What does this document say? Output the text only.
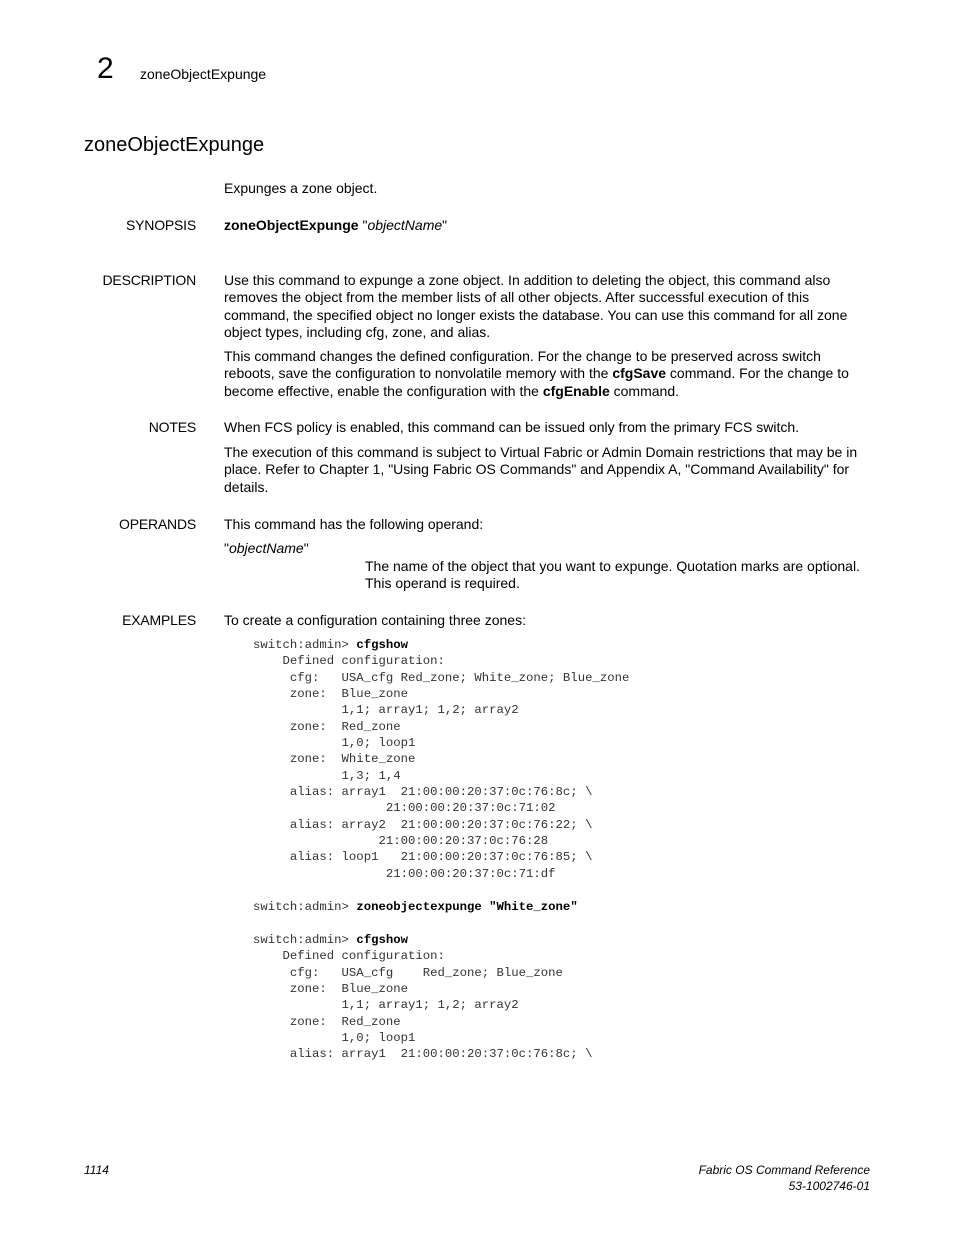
2 zoneObjectExpunge
zoneObjectExpunge
Expunges a zone object.
SYNOPSIS zoneObjectExpunge "objectName"
DESCRIPTION Use this command to expunge a zone object. In addition to deleting the object, this command also removes the object from the member lists of all other objects. After successful execution of this command, the specified object no longer exists the database. You can use this command for all zone object types, including cfg, zone, and alias.
This command changes the defined configuration. For the change to be preserved across switch reboots, save the configuration to nonvolatile memory with the cfgSave command. For the change to become effective, enable the configuration with the cfgEnable command.
NOTES When FCS policy is enabled, this command can be issued only from the primary FCS switch.
The execution of this command is subject to Virtual Fabric or Admin Domain restrictions that may be in place. Refer to Chapter 1, "Using Fabric OS Commands" and Appendix A, "Command Availability" for details.
OPERANDS This command has the following operand:
"objectName"
The name of the object that you want to expunge. Quotation marks are optional. This operand is required.
EXAMPLES To create a configuration containing three zones:
switch:admin> cfgshow
Defined configuration:
cfg:   USA_cfg Red_zone; White_zone; Blue_zone
zone:  Blue_zone
1,1; array1; 1,2; array2
zone:  Red_zone
1,0; loop1
zone:  White_zone
1,3; 1,4
alias: array1  21:00:00:20:37:0c:76:8c; \
21:00:00:20:37:0c:71:02
alias: array2  21:00:00:20:37:0c:76:22; \
21:00:00:20:37:0c:76:28
alias: loop1   21:00:00:20:37:0c:76:85; \
21:00:00:20:37:0c:71:df
switch:admin> zoneobjectexpunge "White_zone"
switch:admin> cfgshow
Defined configuration:
cfg:   USA_cfg    Red_zone; Blue_zone
zone:  Blue_zone
1,1; array1; 1,2; array2
zone:  Red_zone
1,0; loop1
alias: array1  21:00:00:20:37:0c:76:8c; \
1114	Fabric OS Command Reference
53-1002746-01
